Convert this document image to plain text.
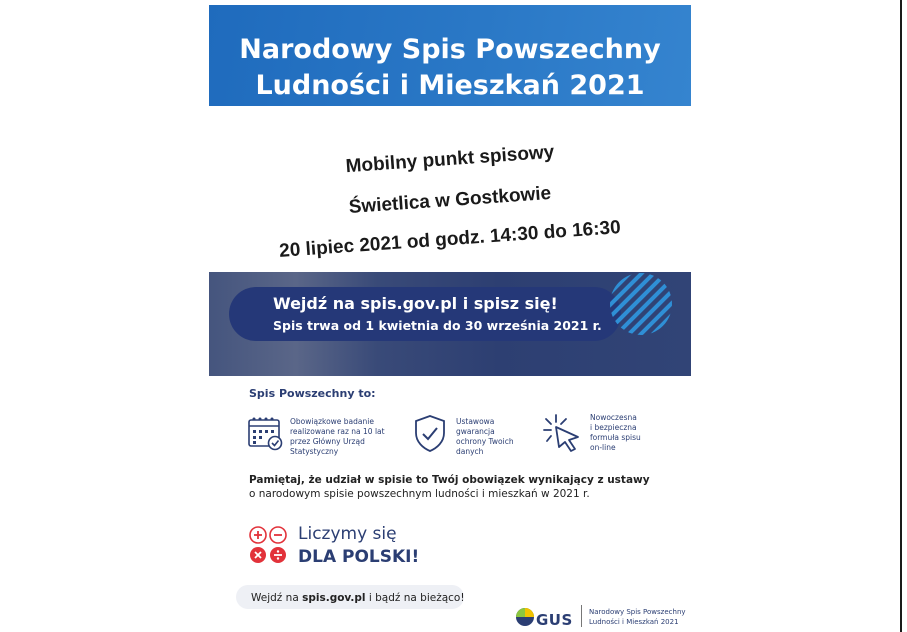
Narodowy Spis Powszechny
Ludności i Mieszkań 2021
Mobilny punkt spisowy
Świetlica w Gostkowie
20 lipiec 2021 od godz. 14:30 do 16:30
Wejdź na spis.gov.pl i spisz się!
Spis trwa od 1 kwietnia do 30 września 2021 r.
Spis Powszechny to:
Obowiązkowe badanie
realizowane raz na 10 lat
przez Główny Urząd
Statystyczny
Ustawowa
gwarancja
ochrony Twoich
danych
Nowoczesna
i bezpieczna
formuła spisu
on-line
Pamiętaj, że udział w spisie to Twój obowiązek wynikający z ustawy
o narodowym spisie powszechnym ludności i mieszkań w 2021 r.
Liczymy się
DLA POLSKI!
Wejdź na spis.gov.pl i bądź na bieżąco!
GUS Narodowy Spis Powszechny
Ludności i Mieszkań 2021
